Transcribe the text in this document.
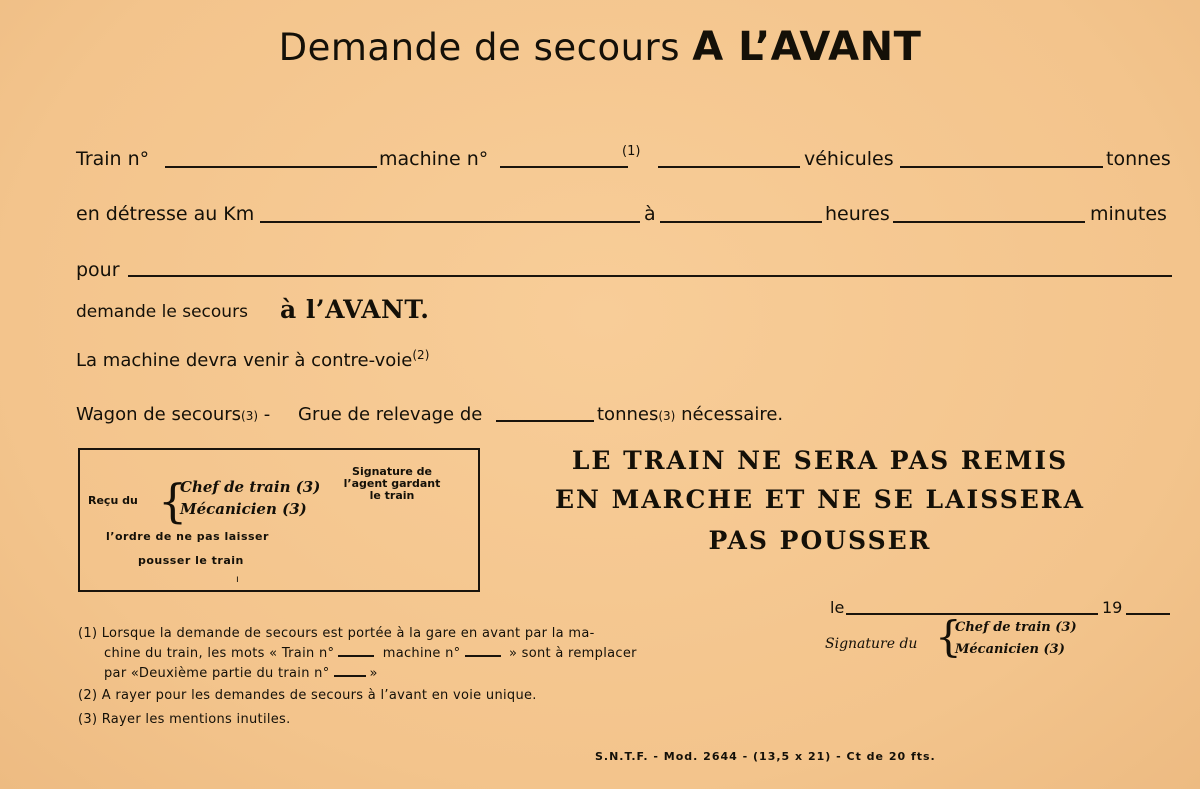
Demande de secours A L’AVANT
Train n°	machine n°	(1)	véhicules	tonnes
en détresse au Km	à	heures	minutes
pour
demande le secours à l’AVANT.
La machine devra venir à contre-voie$^{(2)}$
Wagon de secours(3) - Grue de relevage de	tonnes(3) nécessaire.
Reçu du {
Chef de train (3)
Mécanicien (3)
Signature de
l’agent gardant
le train
l’ordre de ne pas laisser
pousser le train
ı
LE TRAIN NE SERA PAS REMIS
EN MARCHE ET NE SE LAISSERA
PAS POUSSER
le	19
Signature du {
Chef de train (3)
Mécanicien (3)
(1) Lorsque la demande de secours est portée à la gare en avant par la ma-
chine du train, les mots « Train n°	machine n°	» sont à remplacer
par «Deuxième partie du train n°	»
(2) A rayer pour les demandes de secours à l’avant en voie unique.
(3) Rayer les mentions inutiles.
S.N.T.F. - Mod. 2644 - (13,5 x 21) - Ct de 20 fts.
